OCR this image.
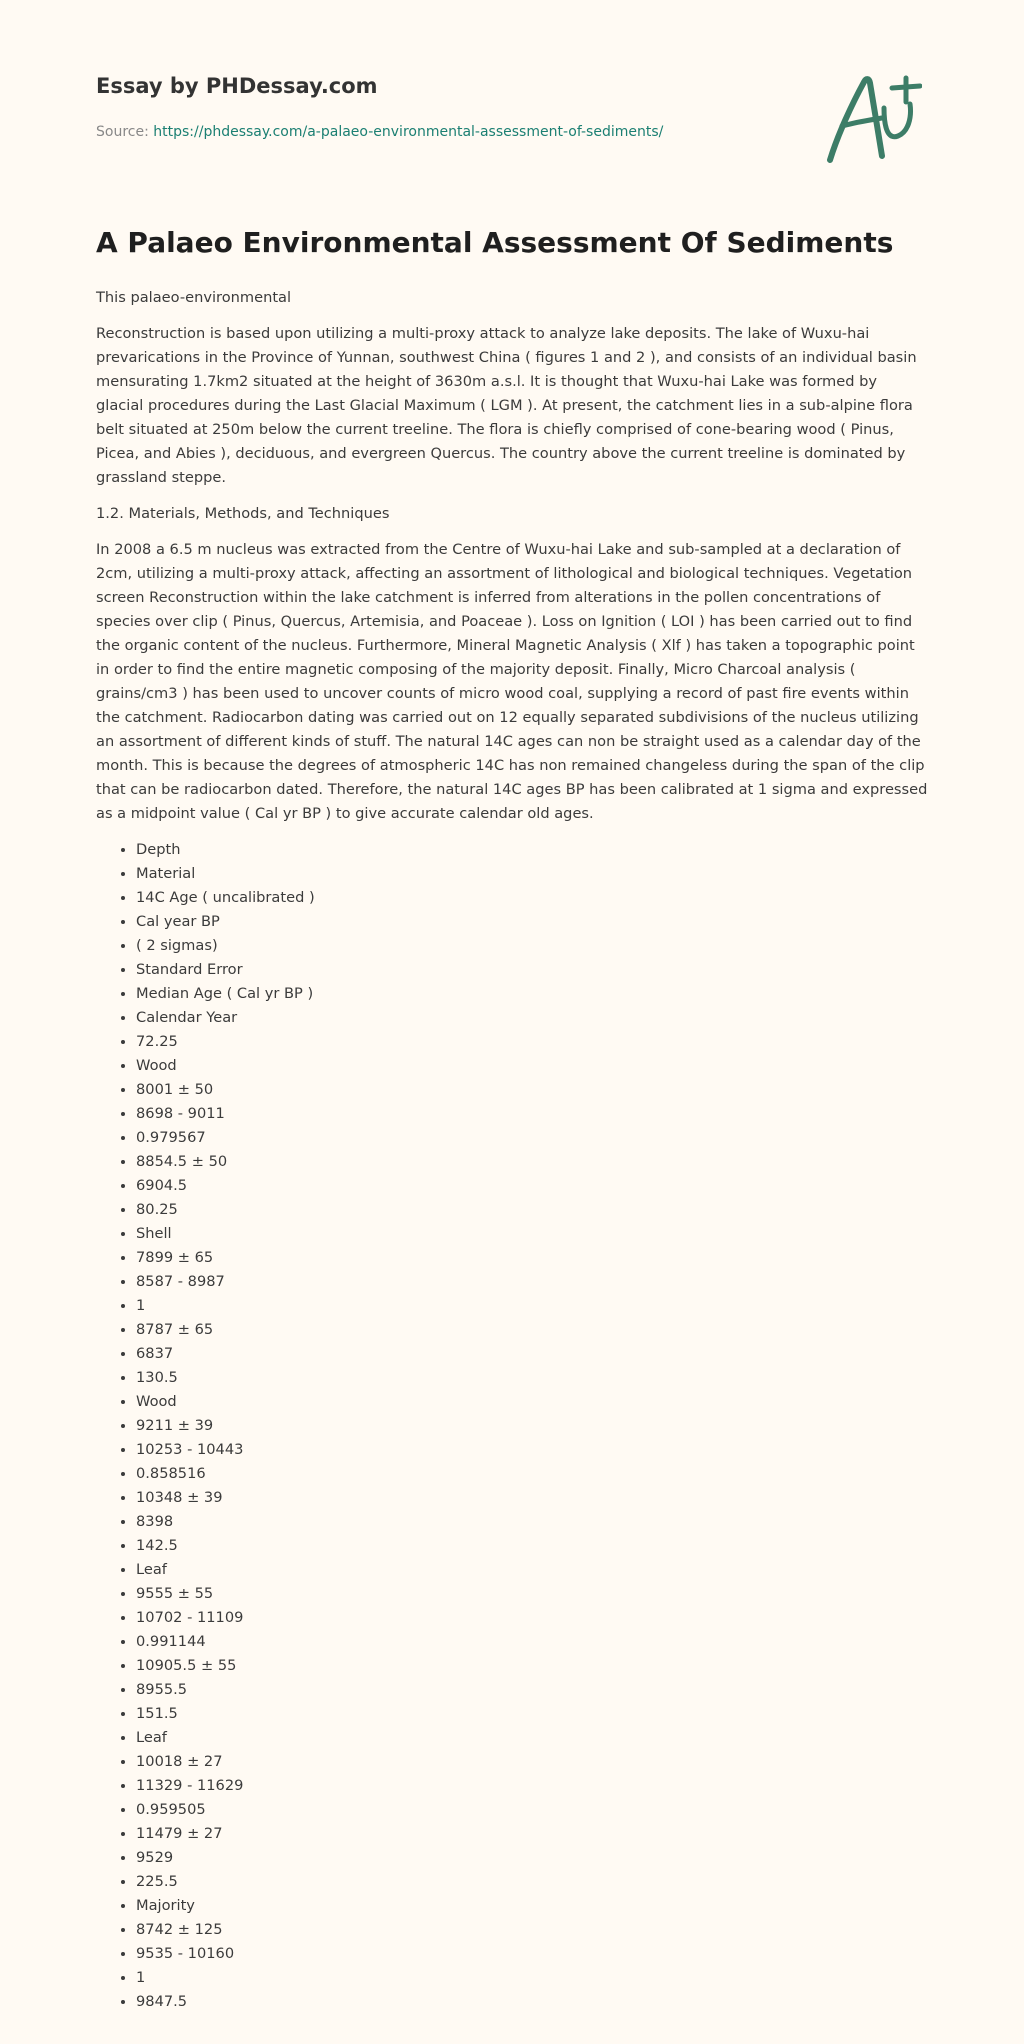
Essay by PHDessay.com
Source: https://phdessay.com/a-palaeo-environmental-assessment-of-sediments/
A Palaeo Environmental Assessment Of Sediments

This palaeo-environmental

Reconstruction is based upon utilizing a multi-proxy attack to analyze lake deposits. The lake of Wuxu-hai prevarications in the Province of Yunnan, southwest China ( figures 1 and 2 ), and consists of an individual basin mensurating 1.7km2 situated at the height of 3630m a.s.l. It is thought that Wuxu-hai Lake was formed by glacial procedures during the Last Glacial Maximum ( LGM ). At present, the catchment lies in a sub-alpine flora belt situated at 250m below the current treeline. The flora is chiefly comprised of cone-bearing wood ( Pinus, Picea, and Abies ), deciduous, and evergreen Quercus. The country above the current treeline is dominated by grassland steppe.

1.2. Materials, Methods, and Techniques

In 2008 a 6.5 m nucleus was extracted from the Centre of Wuxu-hai Lake and sub-sampled at a declaration of 2cm, utilizing a multi-proxy attack, affecting an assortment of lithological and biological techniques. Vegetation screen Reconstruction within the lake catchment is inferred from alterations in the pollen concentrations of species over clip ( Pinus, Quercus, Artemisia, and Poaceae ). Loss on Ignition ( LOI ) has been carried out to find the organic content of the nucleus. Furthermore, Mineral Magnetic Analysis ( Xlf ) has taken a topographic point in order to find the entire magnetic composing of the majority deposit. Finally, Micro Charcoal analysis ( grains/cm3 ) has been used to uncover counts of micro wood coal, supplying a record of past fire events within the catchment. Radiocarbon dating was carried out on 12 equally separated subdivisions of the nucleus utilizing an assortment of different kinds of stuff. The natural 14C ages can non be straight used as a calendar day of the month. This is because the degrees of atmospheric 14C has non remained changeless during the span of the clip that can be radiocarbon dated. Therefore, the natural 14C ages BP has been calibrated at 1 sigma and expressed as a midpoint value ( Cal yr BP ) to give accurate calendar old ages.

• Depth
• Material
• 14C Age ( uncalibrated )
• Cal year BP
• ( 2 sigmas)
• Standard Error
• Median Age ( Cal yr BP )
• Calendar Year
• 72.25
• Wood
• 8001 ± 50
• 8698 - 9011
• 0.979567
• 8854.5 ± 50
• 6904.5
• 80.25
• Shell
• 7899 ± 65
• 8587 - 8987
• 1
• 8787 ± 65
• 6837
• 130.5
• Wood
• 9211 ± 39
• 10253 - 10443
• 0.858516
• 10348 ± 39
• 8398
• 142.5
• Leaf
• 9555 ± 55
• 10702 - 11109
• 0.991144
• 10905.5 ± 55
• 8955.5
• 151.5
• Leaf
• 10018 ± 27
• 11329 - 11629
• 0.959505
• 11479 ± 27
• 9529
• 225.5
• Majority
• 8742 ± 125
• 9535 - 10160
• 1
• 9847.5
